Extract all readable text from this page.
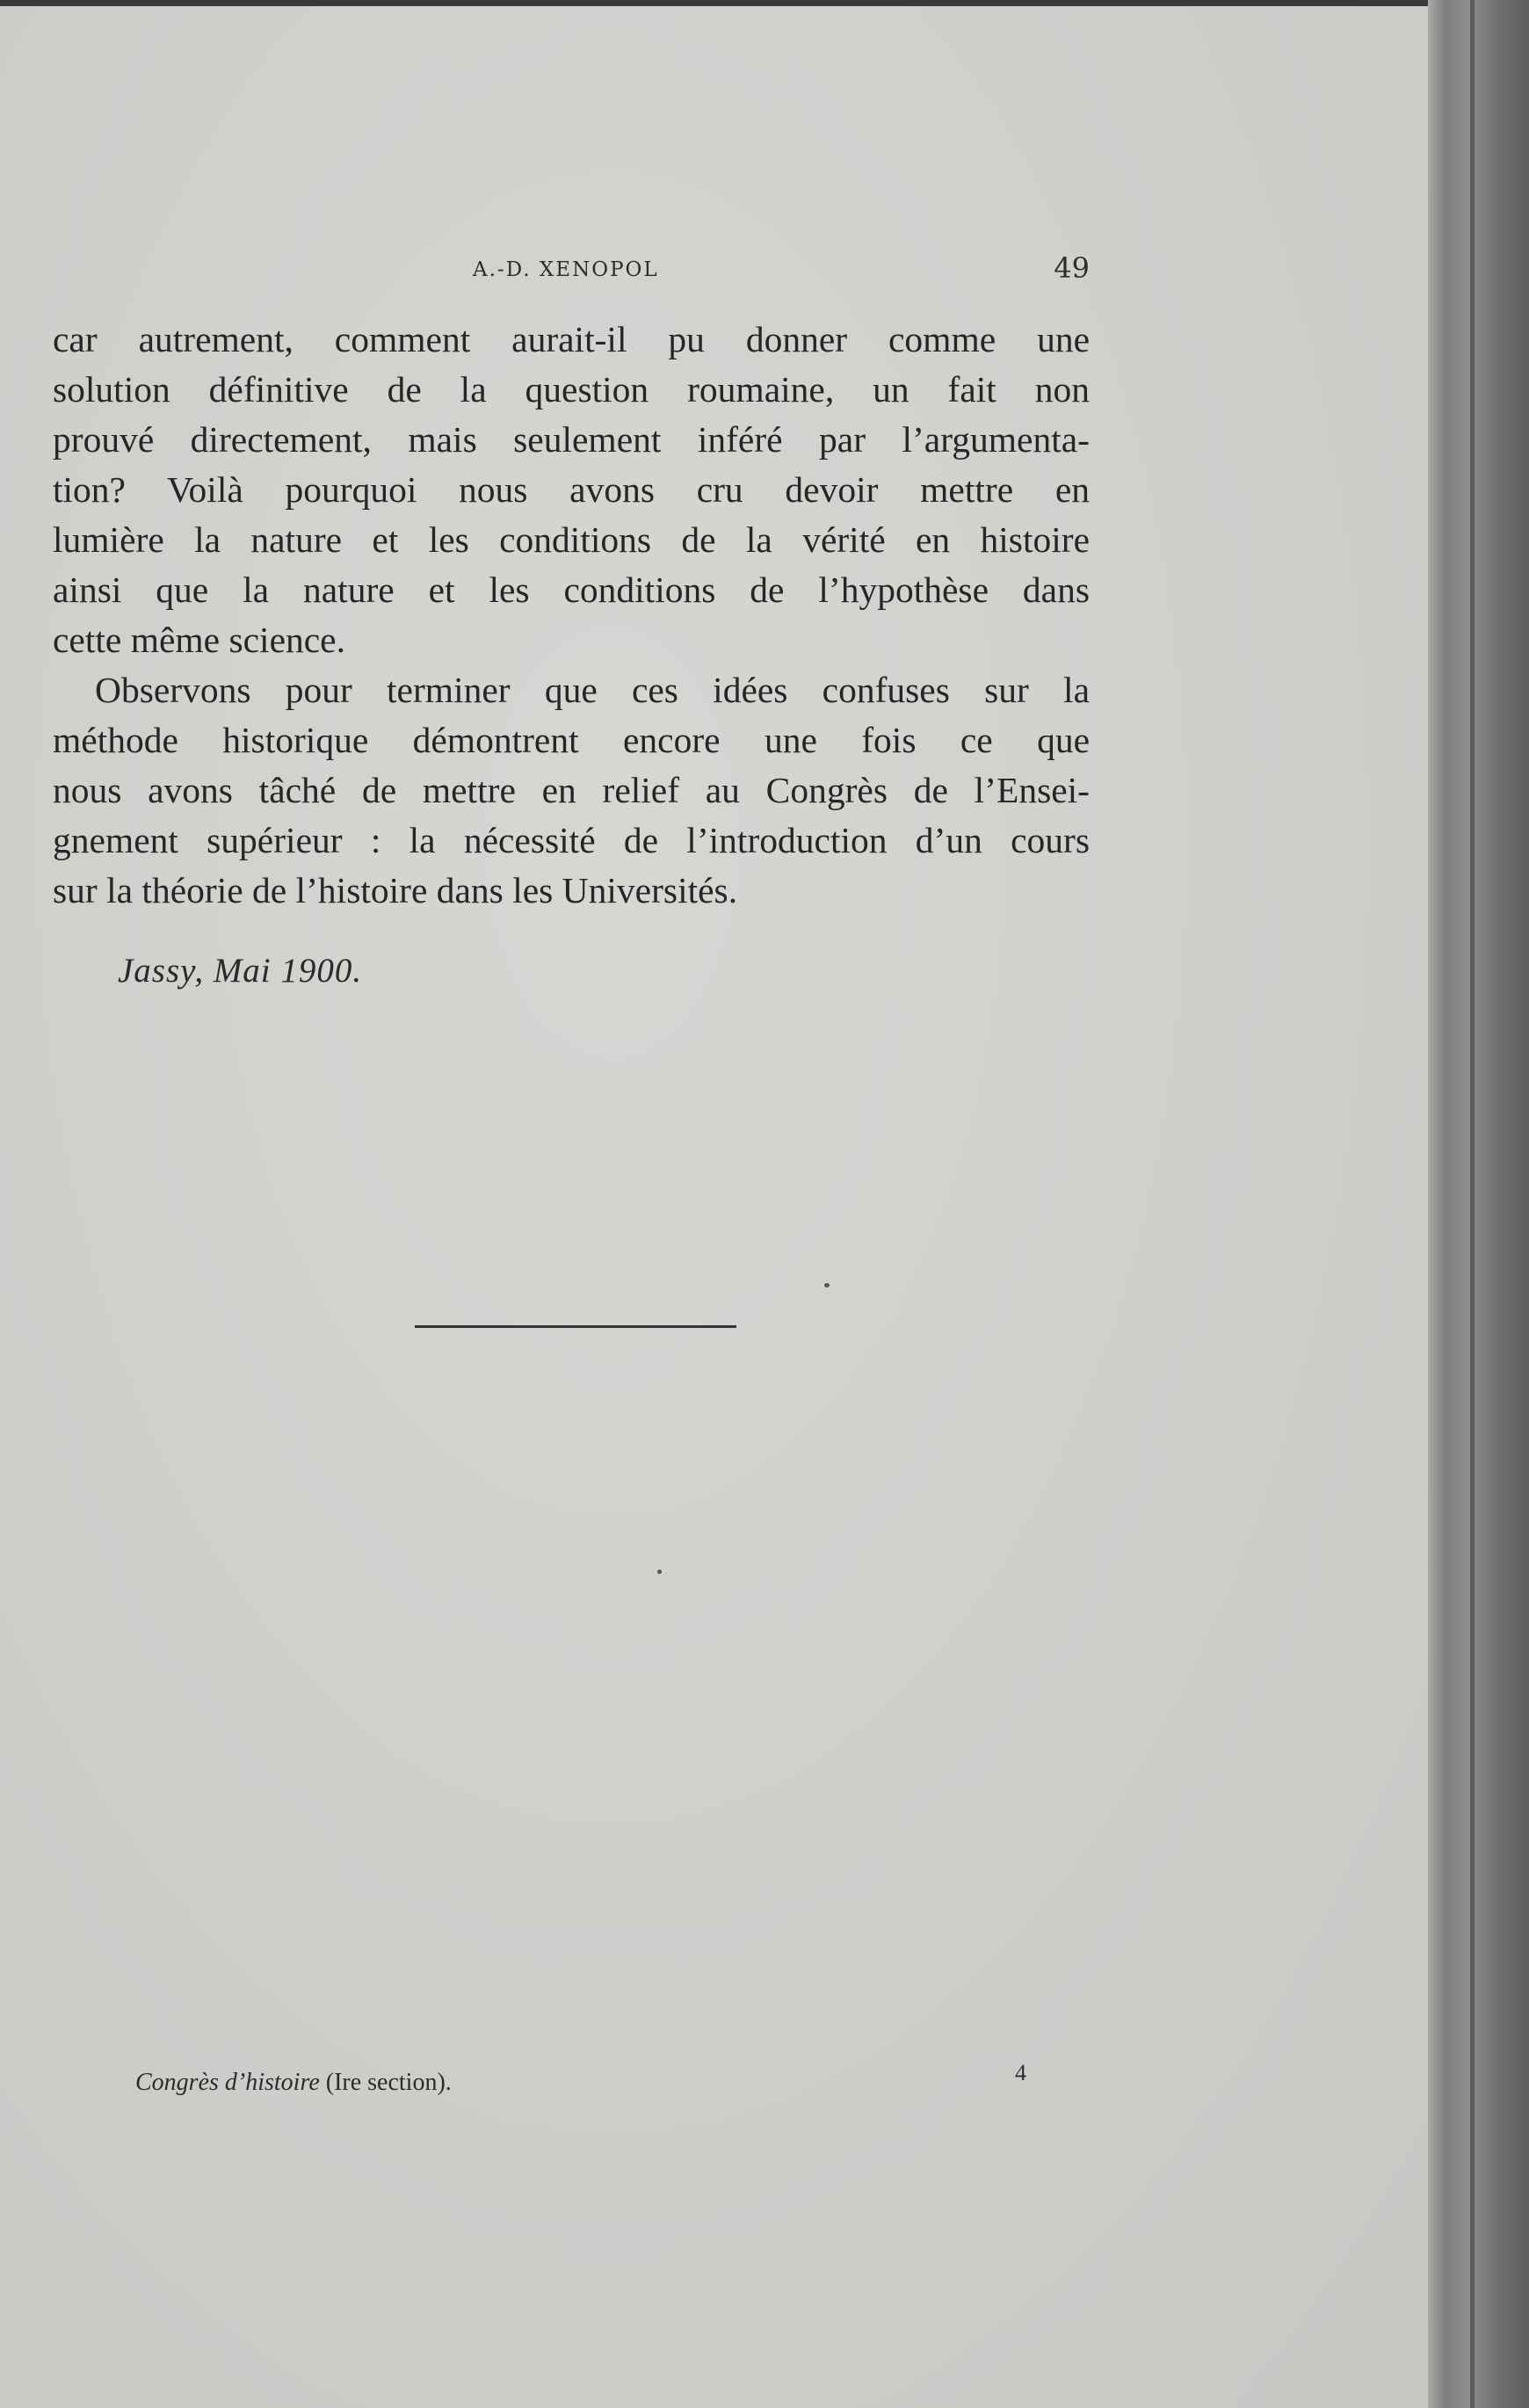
A.-D. XENOPOL	49

car autrement, comment aurait-il pu donner comme une
solution définitive de la question roumaine, un fait non
prouvé directement, mais seulement inféré par l’argumenta-
tion? Voilà pourquoi nous avons cru devoir mettre en
lumière la nature et les conditions de la vérité en histoire
ainsi que la nature et les conditions de l’hypothèse dans
cette même science.

Observons pour terminer que ces idées confuses sur la
méthode historique démontrent encore une fois ce que
nous avons tâché de mettre en relief au Congrès de l’Ensei-
gnement supérieur : la nécessité de l’introduction d’un cours
sur la théorie de l’histoire dans les Universités.

Jassy, Mai 1900.
Congrès d’histoire (Ire section).	4
